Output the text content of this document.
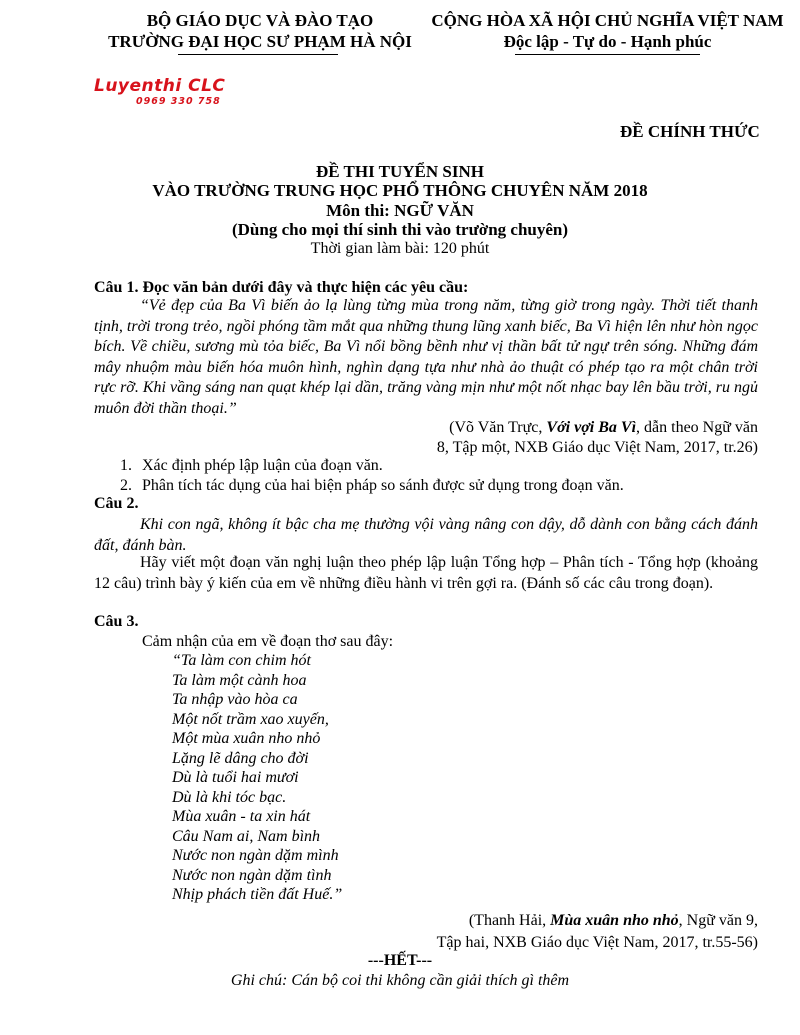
BỘ GIÁO DỤC VÀ ĐÀO TẠO
TRƯỜNG ĐẠI HỌC SƯ PHẠM HÀ NỘI
CỘNG HÒA XÃ HỘI CHỦ NGHĨA VIỆT NAM
Độc lập - Tự do - Hạnh phúc
Luyenthi CLC
0969 330 758
ĐỀ CHÍNH THỨC
ĐỀ THI TUYỂN SINH
VÀO TRƯỜNG TRUNG HỌC PHỔ THÔNG CHUYÊN NĂM 2018
Môn thi: NGỮ VĂN
(Dùng cho mọi thí sinh thi vào trường chuyên)
Thời gian làm bài: 120 phút
Câu 1. Đọc văn bản dưới đây và thực hiện các yêu cầu:
“Vẻ đẹp của Ba Vì biến ảo lạ lùng từng mùa trong năm, từng giờ trong ngày. Thời tiết thanh tịnh, trời trong trẻo, ngồi phóng tầm mắt qua những thung lũng xanh biếc, Ba Vì hiện lên như hòn ngọc bích. Về chiều, sương mù tỏa biếc, Ba Vì nổi bồng bềnh như vị thần bất tử ngự trên sóng. Những đám mây nhuộm màu biến hóa muôn hình, nghìn dạng tựa như nhà ảo thuật có phép tạo ra một chân trời rực rỡ. Khi vầng sáng nan quạt khép lại dần, trăng vàng mịn như một nốt nhạc bay lên bầu trời, ru ngủ muôn đời thần thoại.”
(Võ Văn Trực, Với vợi Ba Vì, dẫn theo Ngữ văn
8, Tập một, NXB Giáo dục Việt Nam, 2017, tr.26)
1. Xác định phép lập luận của đoạn văn.
2. Phân tích tác dụng của hai biện pháp so sánh được sử dụng trong đoạn văn.
Câu 2.
Khi con ngã, không ít bậc cha mẹ thường vội vàng nâng con dậy, dỗ dành con bằng cách đánh đất, đánh bàn.
Hãy viết một đoạn văn nghị luận theo phép lập luận Tổng hợp – Phân tích - Tổng hợp (khoảng 12 câu) trình bày ý kiến của em về những điều hành vi trên gợi ra. (Đánh số các câu trong đoạn).
Câu 3.
Cảm nhận của em về đoạn thơ sau đây:
“Ta làm con chim hót
Ta làm một cành hoa
Ta nhập vào hòa ca
Một nốt trầm xao xuyến,
Một mùa xuân nho nhỏ
Lặng lẽ dâng cho đời
Dù là tuổi hai mươi
Dù là khi tóc bạc.
Mùa xuân - ta xin hát
Câu Nam ai, Nam bình
Nước non ngàn dặm mình
Nước non ngàn dặm tình
Nhịp phách tiền đất Huế.”
(Thanh Hải, Mùa xuân nho nhỏ, Ngữ văn 9,
Tập hai, NXB Giáo dục Việt Nam, 2017, tr.55-56)
---HẾT---
Ghi chú: Cán bộ coi thi không cần giải thích gì thêm
